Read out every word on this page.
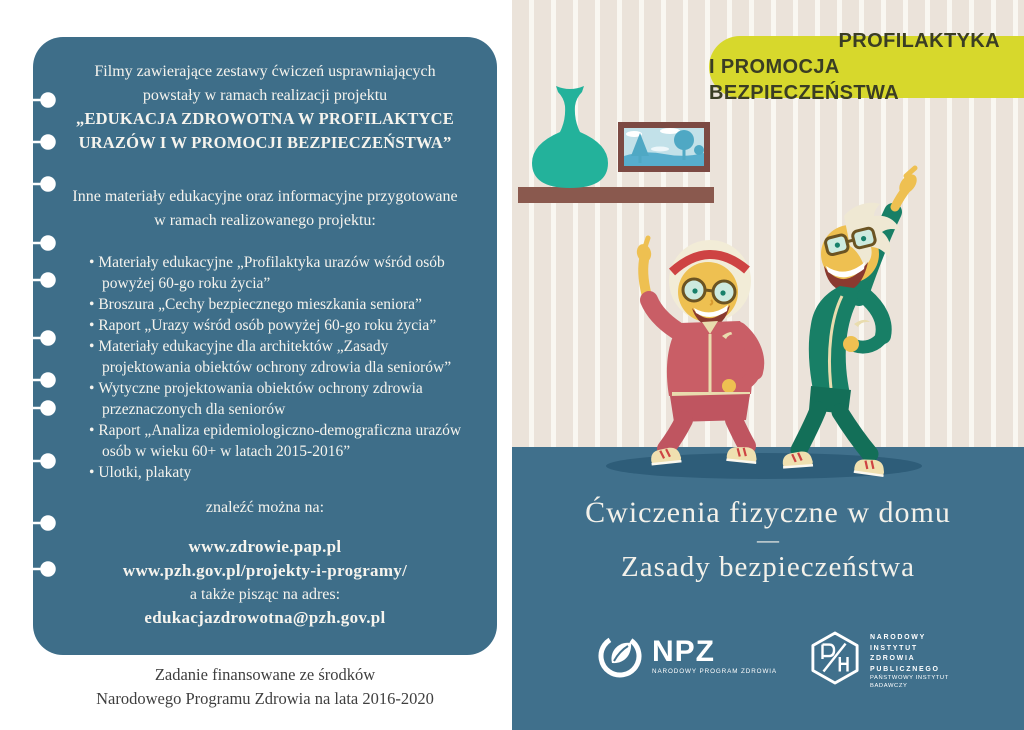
Filmy zawierające zestawy ćwiczeń usprawniających
powstały w ramach realizacji projektu
„EDUKACJA ZDROWOTNA W PROFILAKTYCE
URAZÓW I W PROMOCJI BEZPIECZEŃSTWA”
Inne materiały edukacyjne oraz informacyjne przygotowane
w ramach realizowanego projektu:
• Materiały edukacyjne „Profilaktyka urazów wśród osób powyżej 60-go roku życia”
• Broszura „Cechy bezpiecznego mieszkania seniora”
• Raport „Urazy wśród osób powyżej 60-go roku życia”
• Materiały edukacyjne dla architektów „Zasady projektowania obiektów ochrony zdrowia dla seniorów”
• Wytyczne projektowania obiektów ochrony zdrowia przeznaczonych dla seniorów
• Raport „Analiza epidemiologiczno-demograficzna urazów osób w wieku 60+ w latach 2015-2016”
• Ulotki, plakaty
znaleźć można na:
www.zdrowie.pap.pl
www.pzh.gov.pl/projekty-i-programy/
a także pisząc na adres:
edukacjazdrowotna@pzh.gov.pl
Zadanie finansowane ze środków
Narodowego Programu Zdrowia na lata 2016-2020
PROFILAKTYKA
I PROMOCJA BEZPIECZEŃSTWA
Ćwiczenia fizyczne w domu
—
Zasady bezpieczeństwa
NPZ
NARODOWY PROGRAM ZDROWIA
NARODOWY
INSTYTUT
ZDROWIA
PUBLICZNEGO
PAŃSTWOWY INSTYTUT
BADAWCZY
